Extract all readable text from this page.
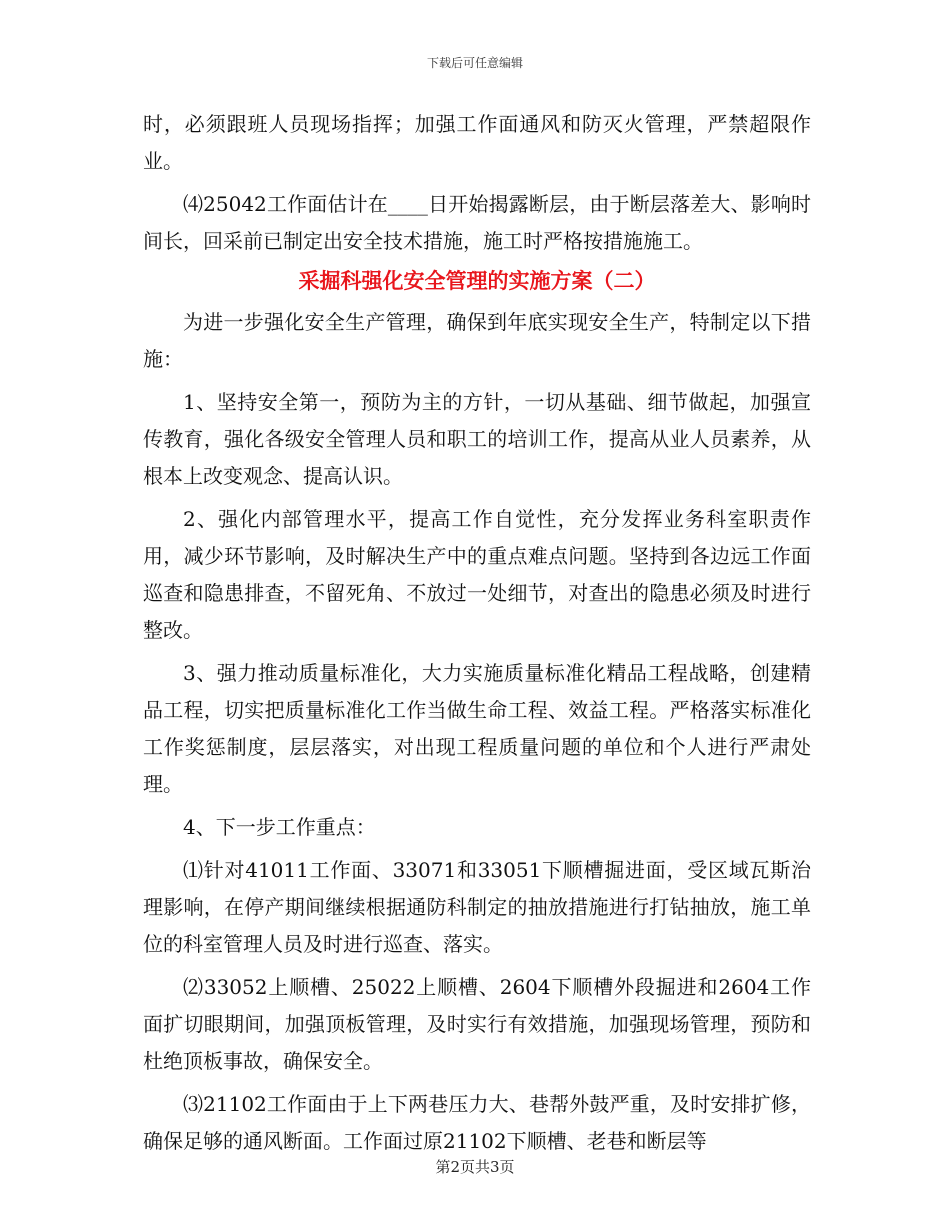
下载后可任意编辑

时，必须跟班人员现场指挥；加强工作面通风和防灭火管理，严禁超限作业。

⑷25042工作面估计在____日开始揭露断层，由于断层落差大、影响时间长，回采前已制定出安全技术措施，施工时严格按措施施工。

采掘科强化安全管理的实施方案（二）

为进一步强化安全生产管理，确保到年底实现安全生产，特制定以下措施：

1、坚持安全第一，预防为主的方针，一切从基础、细节做起，加强宣传教育，强化各级安全管理人员和职工的培训工作，提高从业人员素养，从根本上改变观念、提高认识。

2、强化内部管理水平，提高工作自觉性，充分发挥业务科室职责作用，减少环节影响，及时解决生产中的重点难点问题。坚持到各边远工作面巡查和隐患排查，不留死角、不放过一处细节，对查出的隐患必须及时进行整改。

3、强力推动质量标准化，大力实施质量标准化精品工程战略，创建精品工程，切实把质量标准化工作当做生命工程、效益工程。严格落实标准化工作奖惩制度，层层落实，对出现工程质量问题的单位和个人进行严肃处理。

4、下一步工作重点：

⑴针对41011工作面、33071和33051下顺槽掘进面，受区域瓦斯治理影响，在停产期间继续根据通防科制定的抽放措施进行打钻抽放，施工单位的科室管理人员及时进行巡查、落实。

⑵33052上顺槽、25022上顺槽、2604下顺槽外段掘进和2604工作面扩切眼期间，加强顶板管理，及时实行有效措施，加强现场管理，预防和杜绝顶板事故，确保安全。

⑶21102工作面由于上下两巷压力大、巷帮外鼓严重，及时安排扩修，确保足够的通风断面。工作面过原21102下顺槽、老巷和断层等

第2页共3页
